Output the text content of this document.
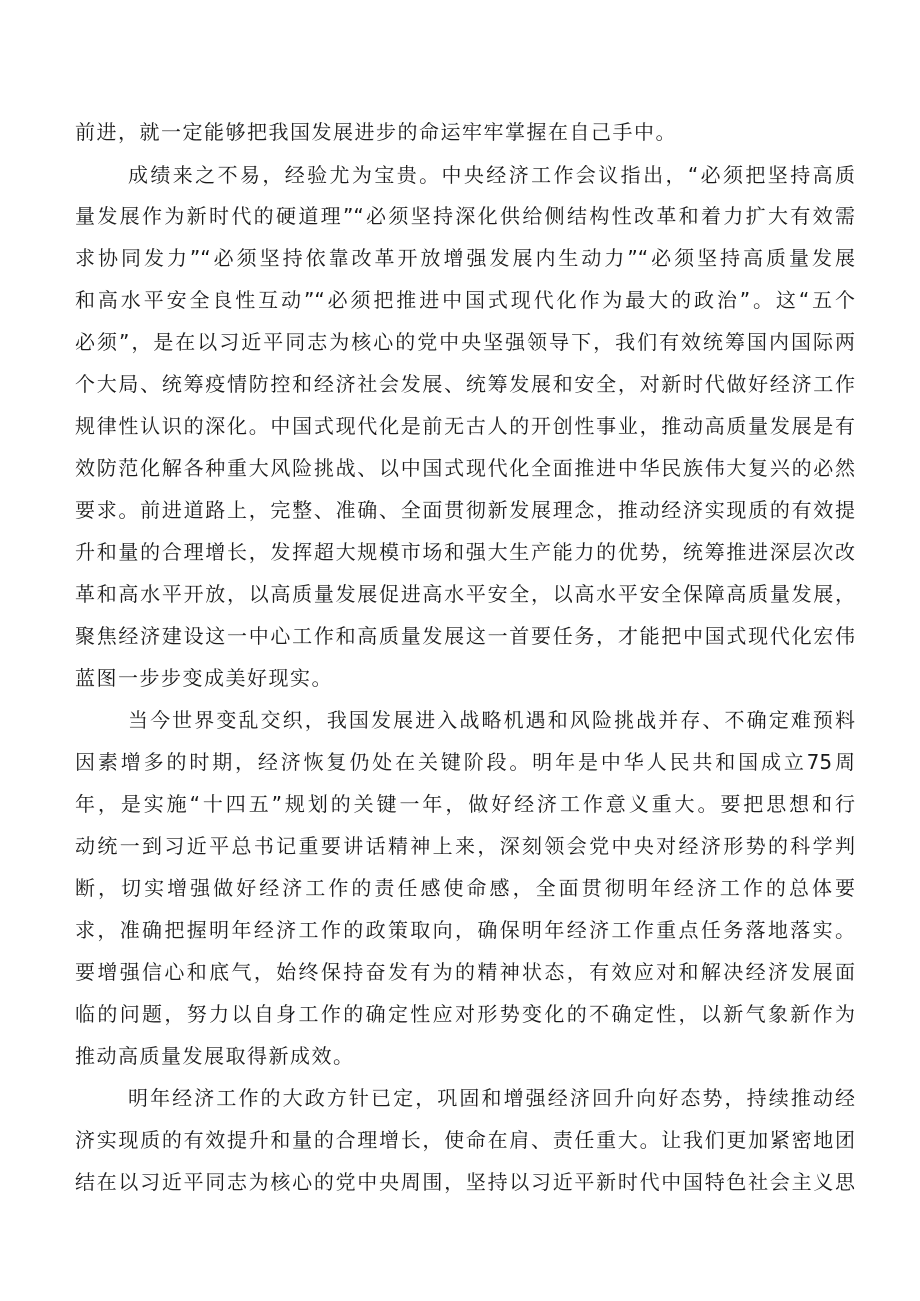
前进，就一定能够把我国发展进步的命运牢牢掌握在自己手中。
成绩来之不易，经验尤为宝贵。中央经济工作会议指出，“必须把坚持高质
量发展作为新时代的硬道理”“必须坚持深化供给侧结构性改革和着力扩大有效需
求协同发力”“必须坚持依靠改革开放增强发展内生动力”“必须坚持高质量发展
和高水平安全良性互动”“必须把推进中国式现代化作为最大的政治”。这“五个
必须”，是在以习近平同志为核心的党中央坚强领导下，我们有效统筹国内国际两
个大局、统筹疫情防控和经济社会发展、统筹发展和安全，对新时代做好经济工作
规律性认识的深化。中国式现代化是前无古人的开创性事业，推动高质量发展是有
效防范化解各种重大风险挑战、以中国式现代化全面推进中华民族伟大复兴的必然
要求。前进道路上，完整、准确、全面贯彻新发展理念，推动经济实现质的有效提
升和量的合理增长，发挥超大规模市场和强大生产能力的优势，统筹推进深层次改
革和高水平开放，以高质量发展促进高水平安全，以高水平安全保障高质量发展，
聚焦经济建设这一中心工作和高质量发展这一首要任务，才能把中国式现代化宏伟
蓝图一步步变成美好现实。
当今世界变乱交织，我国发展进入战略机遇和风险挑战并存、不确定难预料
因素增多的时期，经济恢复仍处在关键阶段。明年是中华人民共和国成立75周
年，是实施“十四五”规划的关键一年，做好经济工作意义重大。要把思想和行
动统一到习近平总书记重要讲话精神上来，深刻领会党中央对经济形势的科学判
断，切实增强做好经济工作的责任感使命感，全面贯彻明年经济工作的总体要
求，准确把握明年经济工作的政策取向，确保明年经济工作重点任务落地落实。
要增强信心和底气，始终保持奋发有为的精神状态，有效应对和解决经济发展面
临的问题，努力以自身工作的确定性应对形势变化的不确定性，以新气象新作为
推动高质量发展取得新成效。
明年经济工作的大政方针已定，巩固和增强经济回升向好态势，持续推动经
济实现质的有效提升和量的合理增长，使命在肩、责任重大。让我们更加紧密地团
结在以习近平同志为核心的党中央周围，坚持以习近平新时代中国特色社会主义思
